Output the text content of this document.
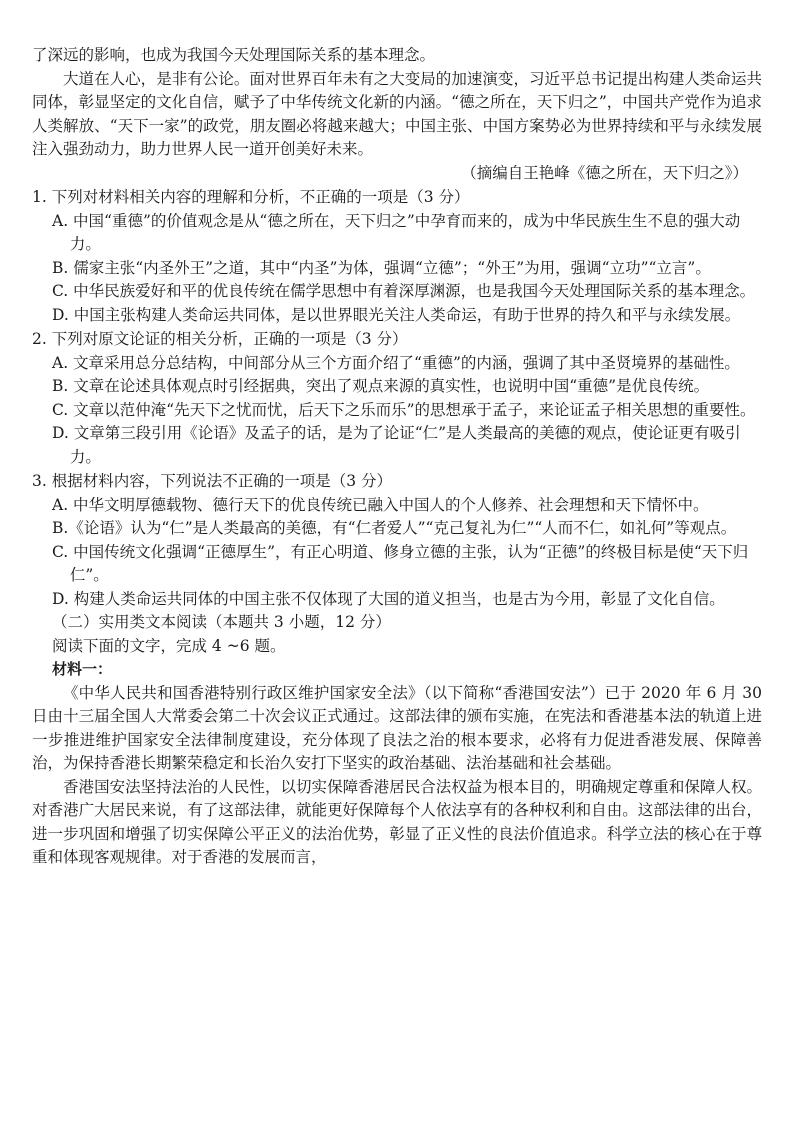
了深远的影响，也成为我国今天处理国际关系的基本理念。

大道在人心，是非有公论。面对世界百年未有之大变局的加速演变，习近平总书记提出构建人类命运共同体，彰显坚定的文化自信，赋予了中华传统文化新的内涵。“德之所在，天下归之”，中国共产党作为追求人类解放、“天下一家”的政党，朋友圈必将越来越大；中国主张、中国方案势必为世界持续和平与永续发展注入强劲动力，助力世界人民一道开创美好未来。

（摘编自王艳峰《德之所在，天下归之》）

1. 下列对材料相关内容的理解和分析，不正确的一项是（3 分）

A. 中国“重德”的价值观念是从“德之所在，天下归之”中孕育而来的，成为中华民族生生不息的强大动力。
B. 儒家主张“内圣外王”之道，其中“内圣”为体，强调“立德”；“外王”为用，强调“立功”“立言”。
C. 中华民族爱好和平的优良传统在儒学思想中有着深厚渊源，也是我国今天处理国际关系的基本理念。
D. 中国主张构建人类命运共同体，是以世界眼光关注人类命运，有助于世界的持久和平与永续发展。

2. 下列对原文论证的相关分析，正确的一项是（3 分）

A. 文章采用总分总结构，中间部分从三个方面介绍了“重德”的内涵，强调了其中圣贤境界的基础性。
B. 文章在论述具体观点时引经据典，突出了观点来源的真实性，也说明中国“重德”是优良传统。
C. 文章以范仲淹“先天下之忧而忧，后天下之乐而乐”的思想承于孟子，来论证孟子相关思想的重要性。
D. 文章第三段引用《论语》及孟子的话，是为了论证“仁”是人类最高的美德的观点，使论证更有吸引力。

3. 根据材料内容，下列说法不正确的一项是（3 分）

A. 中华文明厚德载物、德行天下的优良传统已融入中国人的个人修养、社会理想和天下情怀中。
B.《论语》认为“仁”是人类最高的美德，有“仁者爱人”“克己复礼为仁”“人而不仁，如礼何”等观点。
C. 中国传统文化强调“正德厚生”，有正心明道、修身立德的主张，认为“正德”的终极目标是使“天下归仁”。
D. 构建人类命运共同体的中国主张不仅体现了大国的道义担当，也是古为今用，彰显了文化自信。

（二）实用类文本阅读（本题共 3 小题，12 分）

阅读下面的文字，完成 4 ~6 题。

材料一：

《中华人民共和国香港特别行政区维护国家安全法》（以下简称“香港国安法”）已于 2020 年 6 月 30 日由十三届全国人大常委会第二十次会议正式通过。这部法律的颁布实施，在宪法和香港基本法的轨道上进一步推进维护国家安全法律制度建设，充分体现了良法之治的根本要求，必将有力促进香港发展、保障善治，为保持香港长期繁荣稳定和长治久安打下坚实的政治基础、法治基础和社会基础。

香港国安法坚持法治的人民性，以切实保障香港居民合法权益为根本目的，明确规定尊重和保障人权。对香港广大居民来说，有了这部法律，就能更好保障每个人依法享有的各种权利和自由。这部法律的出台，进一步巩固和增强了切实保障公平正义的法治优势，彰显了正义性的良法价值追求。科学立法的核心在于尊重和体现客观规律。对于香港的发展而言，
